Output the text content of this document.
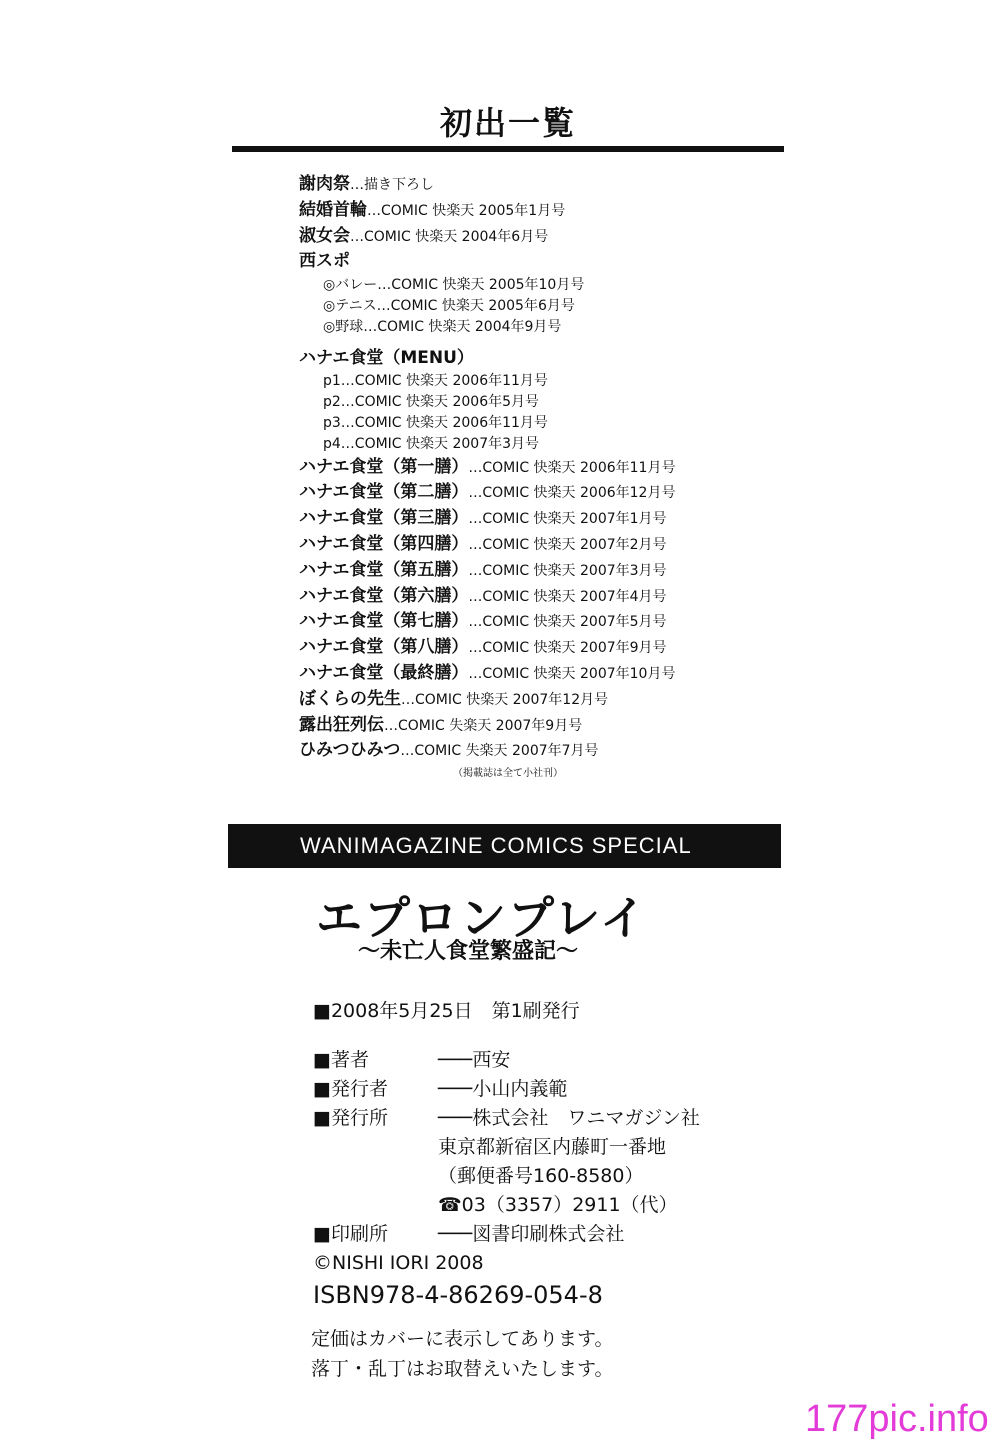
初出一覧
謝肉祭…描き下ろし
結婚首輪…COMIC 快楽天 2005年1月号
淑女会…COMIC 快楽天 2004年6月号
西スポ
◎バレー…COMIC 快楽天 2005年10月号
◎テニス…COMIC 快楽天 2005年6月号
◎野球…COMIC 快楽天 2004年9月号
ハナエ食堂（MENU）
p1…COMIC 快楽天 2006年11月号
p2…COMIC 快楽天 2006年5月号
p3…COMIC 快楽天 2006年11月号
p4…COMIC 快楽天 2007年3月号
ハナエ食堂（第一膳）…COMIC 快楽天 2006年11月号
ハナエ食堂（第二膳）…COMIC 快楽天 2006年12月号
ハナエ食堂（第三膳）…COMIC 快楽天 2007年1月号
ハナエ食堂（第四膳）…COMIC 快楽天 2007年2月号
ハナエ食堂（第五膳）…COMIC 快楽天 2007年3月号
ハナエ食堂（第六膳）…COMIC 快楽天 2007年4月号
ハナエ食堂（第七膳）…COMIC 快楽天 2007年5月号
ハナエ食堂（第八膳）…COMIC 快楽天 2007年9月号
ハナエ食堂（最終膳）…COMIC 快楽天 2007年10月号
ぼくらの先生…COMIC 快楽天 2007年12月号
露出狂列伝…COMIC 失楽天 2007年9月号
ひみつひみつ…COMIC 失楽天 2007年7月号
（掲載誌は全て小社刊）
WANIMAGAZINE COMICS SPECIAL
エプロンプレイ
〜未亡人食堂繁盛記〜
■2008年5月25日　第1刷発行
■著者	───西安
■発行者	───小山内義範
■発行所	───株式会社　ワニマガジン社
東京都新宿区内藤町一番地
（郵便番号160-8580）
☎03（3357）2911（代）
■印刷所	───図書印刷株式会社
©NISHI IORI 2008
ISBN978-4-86269-054-8
定価はカバーに表示してあります。
落丁・乱丁はお取替えいたします。
177pic.info
